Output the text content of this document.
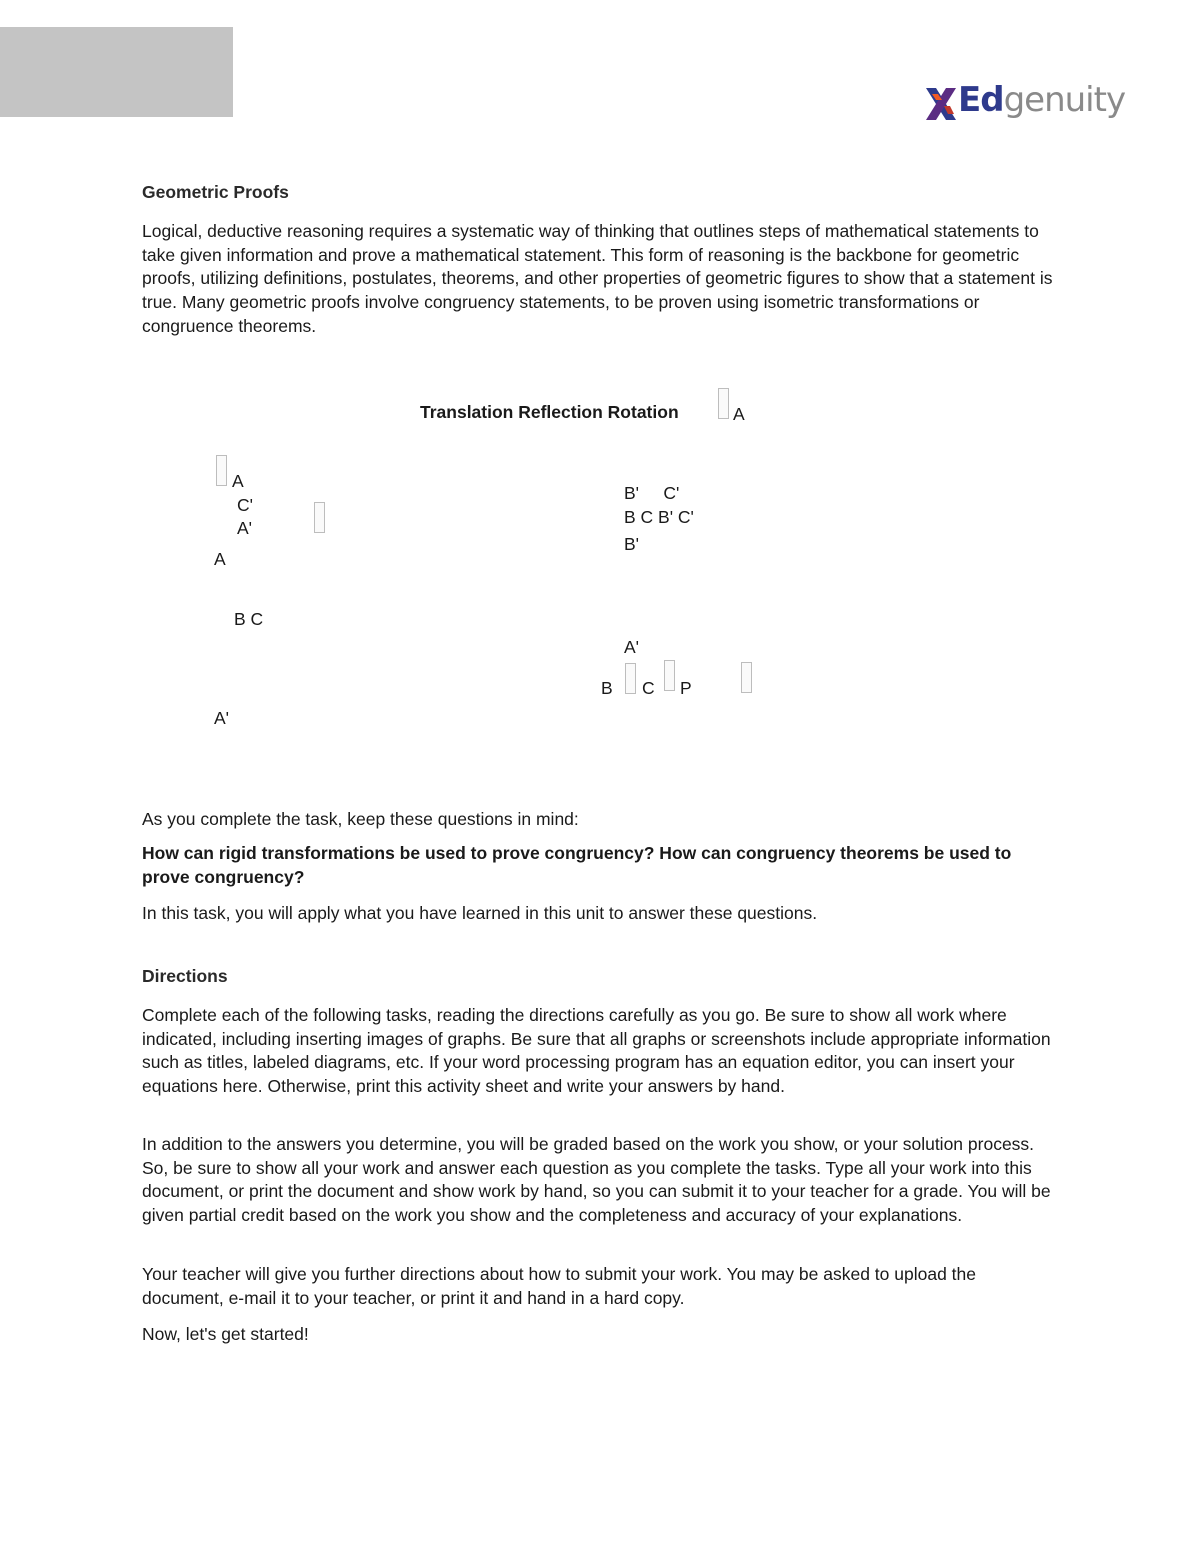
Edgenuity
Geometric Proofs
Logical, deductive reasoning requires a systematic way of thinking that outlines steps of mathematical statements to take given information and prove a mathematical statement. This form of reasoning is the backbone for geometric proofs, utilizing definitions, postulates, theorems, and other properties of geometric figures to show that a statement is true. Many geometric proofs involve congruency statements, to be proven using isometric transformations or congruence theorems.
Translation Reflection Rotation	A
A
C'
A'
A
B C
A'
B'     C'
B C B' C'
B'
A'
B C P
As you complete the task, keep these questions in mind:
How can rigid transformations be used to prove congruency? How can congruency theorems be used to prove congruency?
In this task, you will apply what you have learned in this unit to answer these questions.
Directions
Complete each of the following tasks, reading the directions carefully as you go. Be sure to show all work where indicated, including inserting images of graphs. Be sure that all graphs or screenshots include appropriate information such as titles, labeled diagrams, etc. If your word processing program has an equation editor, you can insert your equations here. Otherwise, print this activity sheet and write your answers by hand.
In addition to the answers you determine, you will be graded based on the work you show, or your solution process. So, be sure to show all your work and answer each question as you complete the tasks. Type all your work into this document, or print the document and show work by hand, so you can submit it to your teacher for a grade. You will be given partial credit based on the work you show and the completeness and accuracy of your explanations.
Your teacher will give you further directions about how to submit your work. You may be asked to upload the document, e-mail it to your teacher, or print it and hand in a hard copy.
Now, let's get started!
